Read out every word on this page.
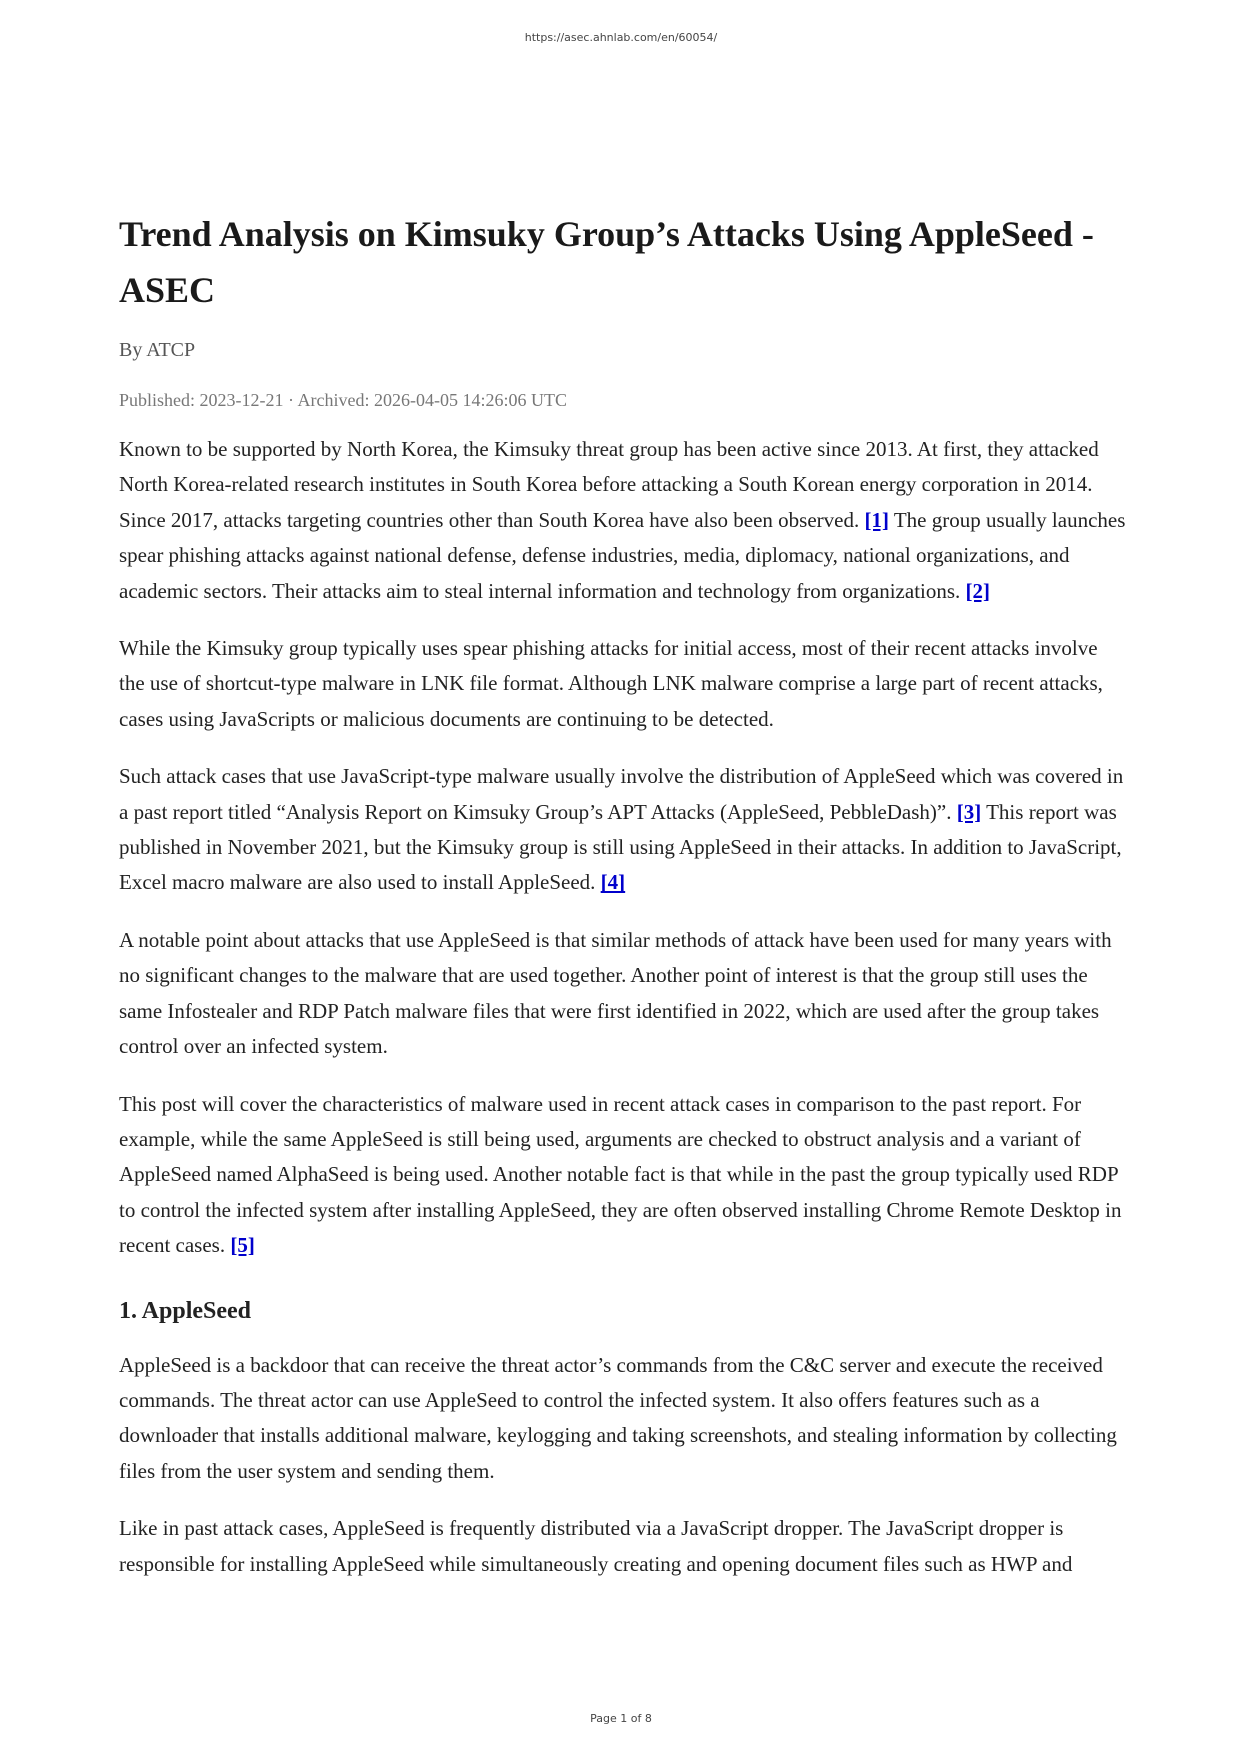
https://asec.ahnlab.com/en/60054/
Trend Analysis on Kimsuky Group’s Attacks Using AppleSeed - ASEC
By ATCP
Published: 2023-12-21 · Archived: 2026-04-05 14:26:06 UTC

Known to be supported by North Korea, the Kimsuky threat group has been active since 2013. At first, they attacked North Korea-related research institutes in South Korea before attacking a South Korean energy corporation in 2014. Since 2017, attacks targeting countries other than South Korea have also been observed. [1] The group usually launches spear phishing attacks against national defense, defense industries, media, diplomacy, national organizations, and academic sectors. Their attacks aim to steal internal information and technology from organizations. [2]

While the Kimsuky group typically uses spear phishing attacks for initial access, most of their recent attacks involve the use of shortcut-type malware in LNK file format. Although LNK malware comprise a large part of recent attacks, cases using JavaScripts or malicious documents are continuing to be detected.

Such attack cases that use JavaScript-type malware usually involve the distribution of AppleSeed which was covered in a past report titled “Analysis Report on Kimsuky Group’s APT Attacks (AppleSeed, PebbleDash)”. [3] This report was published in November 2021, but the Kimsuky group is still using AppleSeed in their attacks. In addition to JavaScript, Excel macro malware are also used to install AppleSeed. [4]

A notable point about attacks that use AppleSeed is that similar methods of attack have been used for many years with no significant changes to the malware that are used together. Another point of interest is that the group still uses the same Infostealer and RDP Patch malware files that were first identified in 2022, which are used after the group takes control over an infected system.

This post will cover the characteristics of malware used in recent attack cases in comparison to the past report. For example, while the same AppleSeed is still being used, arguments are checked to obstruct analysis and a variant of AppleSeed named AlphaSeed is being used. Another notable fact is that while in the past the group typically used RDP to control the infected system after installing AppleSeed, they are often observed installing Chrome Remote Desktop in recent cases. [5]

1. AppleSeed

AppleSeed is a backdoor that can receive the threat actor’s commands from the C&C server and execute the received commands. The threat actor can use AppleSeed to control the infected system. It also offers features such as a downloader that installs additional malware, keylogging and taking screenshots, and stealing information by collecting files from the user system and sending them.

Like in past attack cases, AppleSeed is frequently distributed via a JavaScript dropper. The JavaScript dropper is responsible for installing AppleSeed while simultaneously creating and opening document files such as HWP and

Page 1 of 8
